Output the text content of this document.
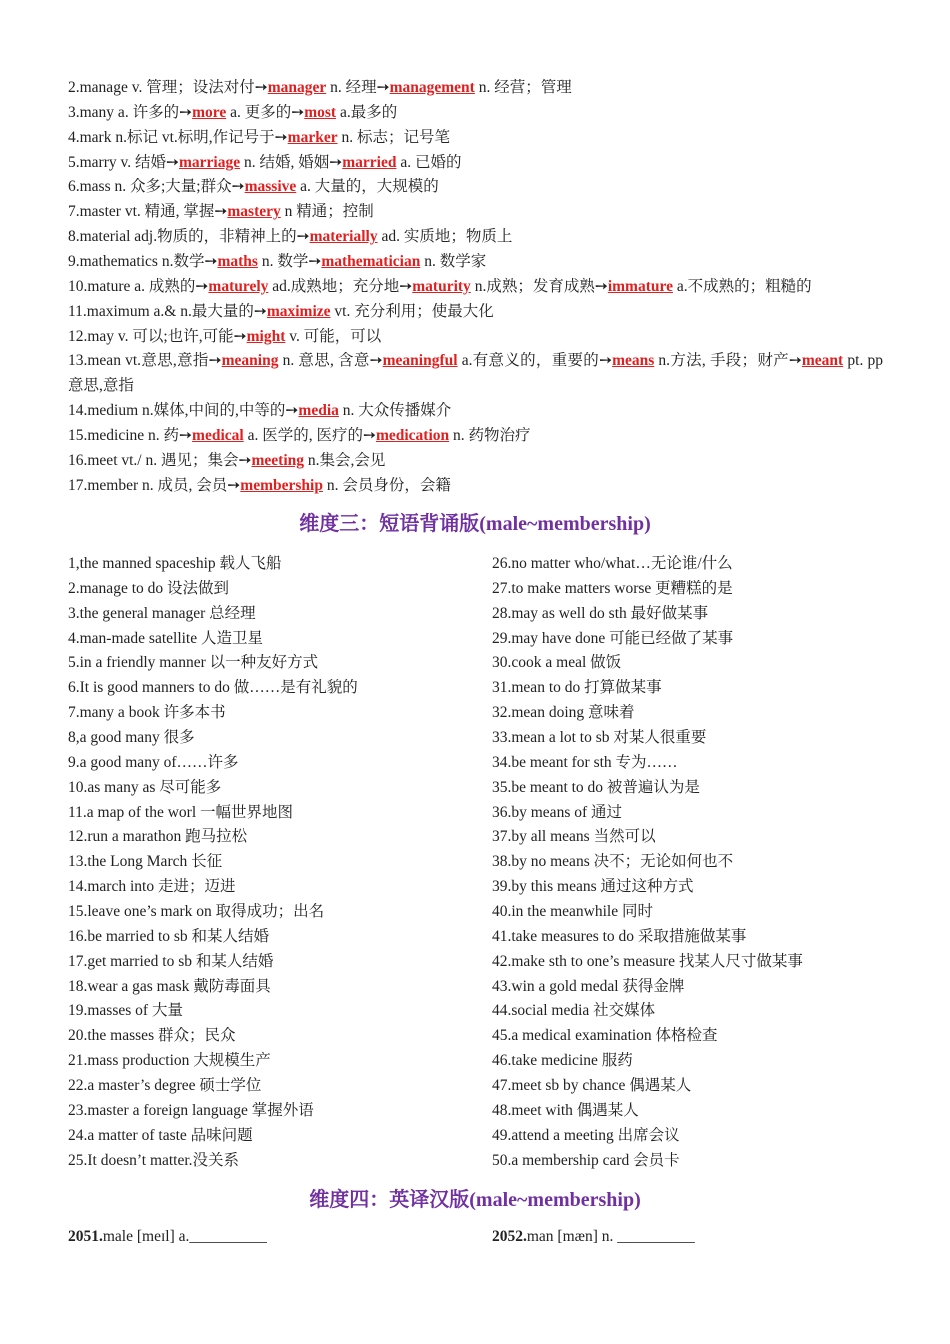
2.manage v. 管理；设法对付➙manager n. 经理➙management n. 经营；管理
3.many a. 许多的➙more a. 更多的➙most a.最多的
4.mark n.标记 vt.标明,作记号于➙marker n. 标志；记号笔
5.marry v. 结婚➙marriage n. 结婚, 婚姻➙married a. 已婚的
6.mass n. 众多;大量;群众➙massive a. 大量的，大规模的
7.master vt. 精通, 掌握➙mastery n 精通；控制
8.material adj.物质的，非精神上的➙materially ad. 实质地；物质上
9.mathematics n.数学➙maths n. 数学➙mathematician n. 数学家
10.mature a. 成熟的➙maturely ad.成熟地；充分地➙maturity n.成熟；发育成熟➙immature a.不成熟的；粗糙的
11.maximum a.& n.最大量的➙maximize vt. 充分利用；使最大化
12.may v. 可以;也许,可能➙might v. 可能，可以
13.mean vt.意思,意指➙meaning n. 意思, 含意➙meaningful a.有意义的，重要的➙means n.方法, 手段；财产➙meant pt. pp 意思,意指
14.medium n.媒体,中间的,中等的➙media n. 大众传播媒介
15.medicine n. 药➙medical a. 医学的, 医疗的➙medication n. 药物治疗
16.meet vt./ n. 遇见；集会➙meeting n.集会,会见
17.member n. 成员, 会员➙membership n. 会员身份，会籍
维度三：短语背诵版(male~membership)
1,the manned spaceship 载人飞船
2.manage to do 设法做到
3.the general manager 总经理
4.man-made satellite 人造卫星
5.in a friendly manner 以一种友好方式
6.It is good manners to do 做……是有礼貌的
7.many a book 许多本书
8,a good many 很多
9.a good many of……许多
10.as many as 尽可能多
11.a map of the worl 一幅世界地图
12.run a marathon 跑马拉松
13.the Long March 长征
14.march into 走进；迈进
15.leave one’s mark on 取得成功；出名
16.be married to sb 和某人结婚
17.get married to sb 和某人结婚
18.wear a gas mask 戴防毒面具
19.masses of 大量
20.the masses 群众；民众
21.mass production 大规模生产
22.a master’s degree 硕士学位
23.master a foreign language 掌握外语
24.a matter of taste 品味问题
25.It doesn’t matter.没关系
26.no matter who/what…无论谁/什么
27.to make matters worse 更糟糕的是
28.may as well do sth 最好做某事
29.may have done 可能已经做了某事
30.cook a meal 做饭
31.mean to do 打算做某事
32.mean doing 意味着
33.mean a lot to sb 对某人很重要
34.be meant for sth 专为……
35.be meant to do 被普遍认为是
36.by means of 通过
37.by all means 当然可以
38.by no means 决不；无论如何也不
39.by this means 通过这种方式
40.in the meanwhile 同时
41.take measures to do 采取措施做某事
42.make sth to one’s measure 找某人尺寸做某事
43.win a gold medal 获得金牌
44.social media 社交媒体
45.a medical examination 体格检查
46.take medicine 服药
47.meet sb by chance 偶遇某人
48.meet with 偶遇某人
49.attend a meeting 出席会议
50.a membership card 会员卡
维度四：英译汉版(male~membership)
2051.male [meɪl] a.__________	2052.man [mæn] n. __________
